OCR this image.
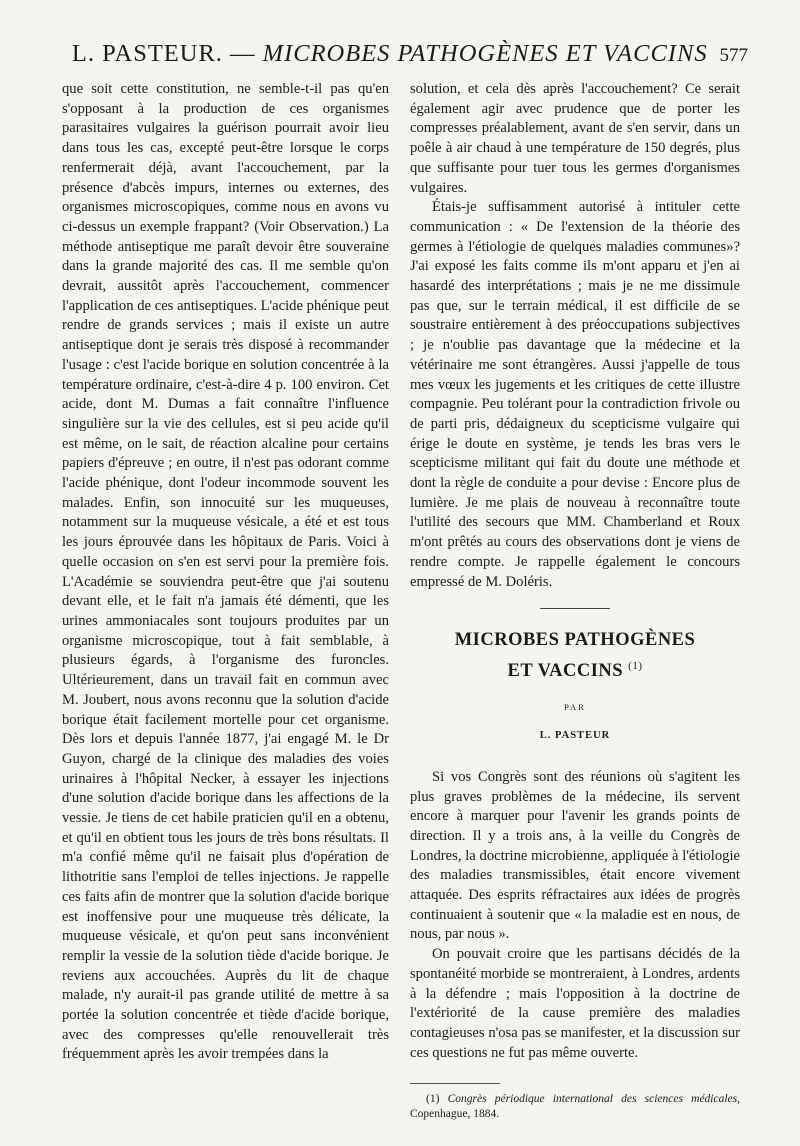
L. PASTEUR. — MICROBES PATHOGÈNES ET VACCINS 577

que soit cette constitution, ne semble-t-il pas qu'en s'opposant à la production de ces organismes parasitaires vulgaires la guérison pourrait avoir lieu dans tous les cas, excepté peut-être lorsque le corps renfermerait déjà, avant l'accouchement, par la présence d'abcès impurs, internes ou externes, des organismes microscopiques, comme nous en avons vu ci-dessus un exemple frappant? (Voir Observation.) La méthode antiseptique me paraît devoir être souveraine dans la grande majorité des cas. Il me semble qu'on devrait, aussitôt après l'accouchement, commencer l'application de ces antiseptiques. L'acide phénique peut rendre de grands services ; mais il existe un autre antiseptique dont je serais très disposé à recommander l'usage : c'est l'acide borique en solution concentrée à la température ordinaire, c'est-à-dire 4 p. 100 environ. Cet acide, dont M. Dumas a fait connaître l'influence singulière sur la vie des cellules, est si peu acide qu'il est même, on le sait, de réaction alcaline pour certains papiers d'épreuve ; en outre, il n'est pas odorant comme l'acide phénique, dont l'odeur incommode souvent les malades. Enfin, son innocuité sur les muqueuses, notamment sur la muqueuse vésicale, a été et est tous les jours éprouvée dans les hôpitaux de Paris. Voici à quelle occasion on s'en est servi pour la première fois. L'Académie se souviendra peut-être que j'ai soutenu devant elle, et le fait n'a jamais été démenti, que les urines ammoniacales sont toujours produites par un organisme microscopique, tout à fait semblable, à plusieurs égards, à l'organisme des furoncles. Ultérieurement, dans un travail fait en commun avec M. Joubert, nous avons reconnu que la solution d'acide borique était facilement mortelle pour cet organisme. Dès lors et depuis l'année 1877, j'ai engagé M. le Dr Guyon, chargé de la clinique des maladies des voies urinaires à l'hôpital Necker, à essayer les injections d'une solution d'acide borique dans les affections de la vessie. Je tiens de cet habile praticien qu'il en a obtenu, et qu'il en obtient tous les jours de très bons résultats. Il m'a confié même qu'il ne faisait plus d'opération de lithotritie sans l'emploi de telles injections. Je rappelle ces faits afin de montrer que la solution d'acide borique est inoffensive pour une muqueuse très délicate, la muqueuse vésicale, et qu'on peut sans inconvénient remplir la vessie de la solution tiède d'acide borique. Je reviens aux accouchées. Auprès du lit de chaque malade, n'y aurait-il pas grande utilité de mettre à sa portée la solution concentrée et tiède d'acide borique, avec des compresses qu'elle renouvellerait très fréquemment après les avoir trempées dans la

solution, et cela dès après l'accouchement? Ce serait également agir avec prudence que de porter les compresses préalablement, avant de s'en servir, dans un poêle à air chaud à une température de 150 degrés, plus que suffisante pour tuer tous les germes d'organismes vulgaires.

Étais-je suffisamment autorisé à intituler cette communication : « De l'extension de la théorie des germes à l'étiologie de quelques maladies communes»? J'ai exposé les faits comme ils m'ont apparu et j'en ai hasardé des interprétations ; mais je ne me dissimule pas que, sur le terrain médical, il est difficile de se soustraire entièrement à des préoccupations subjectives ; je n'oublie pas davantage que la médecine et la vétérinaire me sont étrangères. Aussi j'appelle de tous mes vœux les jugements et les critiques de cette illustre compagnie. Peu tolérant pour la contradiction frivole ou de parti pris, dédaigneux du scepticisme vulgaire qui érige le doute en système, je tends les bras vers le scepticisme militant qui fait du doute une méthode et dont la règle de conduite a pour devise : Encore plus de lumière. Je me plais de nouveau à reconnaître toute l'utilité des secours que MM. Chamberland et Roux m'ont prêtés au cours des observations dont je viens de rendre compte. Je rappelle également le concours empressé de M. Doléris.

MICROBES PATHOGÈNES
ET VACCINS $^{(1)}$
PAR
L. PASTEUR

Si vos Congrès sont des réunions où s'agitent les plus graves problèmes de la médecine, ils servent encore à marquer pour l'avenir les grands points de direction. Il y a trois ans, à la veille du Congrès de Londres, la doctrine microbienne, appliquée à l'étiologie des maladies transmissibles, était encore vivement attaquée. Des esprits réfractaires aux idées de progrès continuaient à soutenir que « la maladie est en nous, de nous, par nous ».

On pouvait croire que les partisans décidés de la spontanéité morbide se montreraient, à Londres, ardents à la défendre ; mais l'opposition à la doctrine de l'extériorité de la cause première des maladies contagieuses n'osa pas se manifester, et la discussion sur ces questions ne fut pas même ouverte.

(1) Congrès périodique international des sciences médicales, Copenhague, 1884.
